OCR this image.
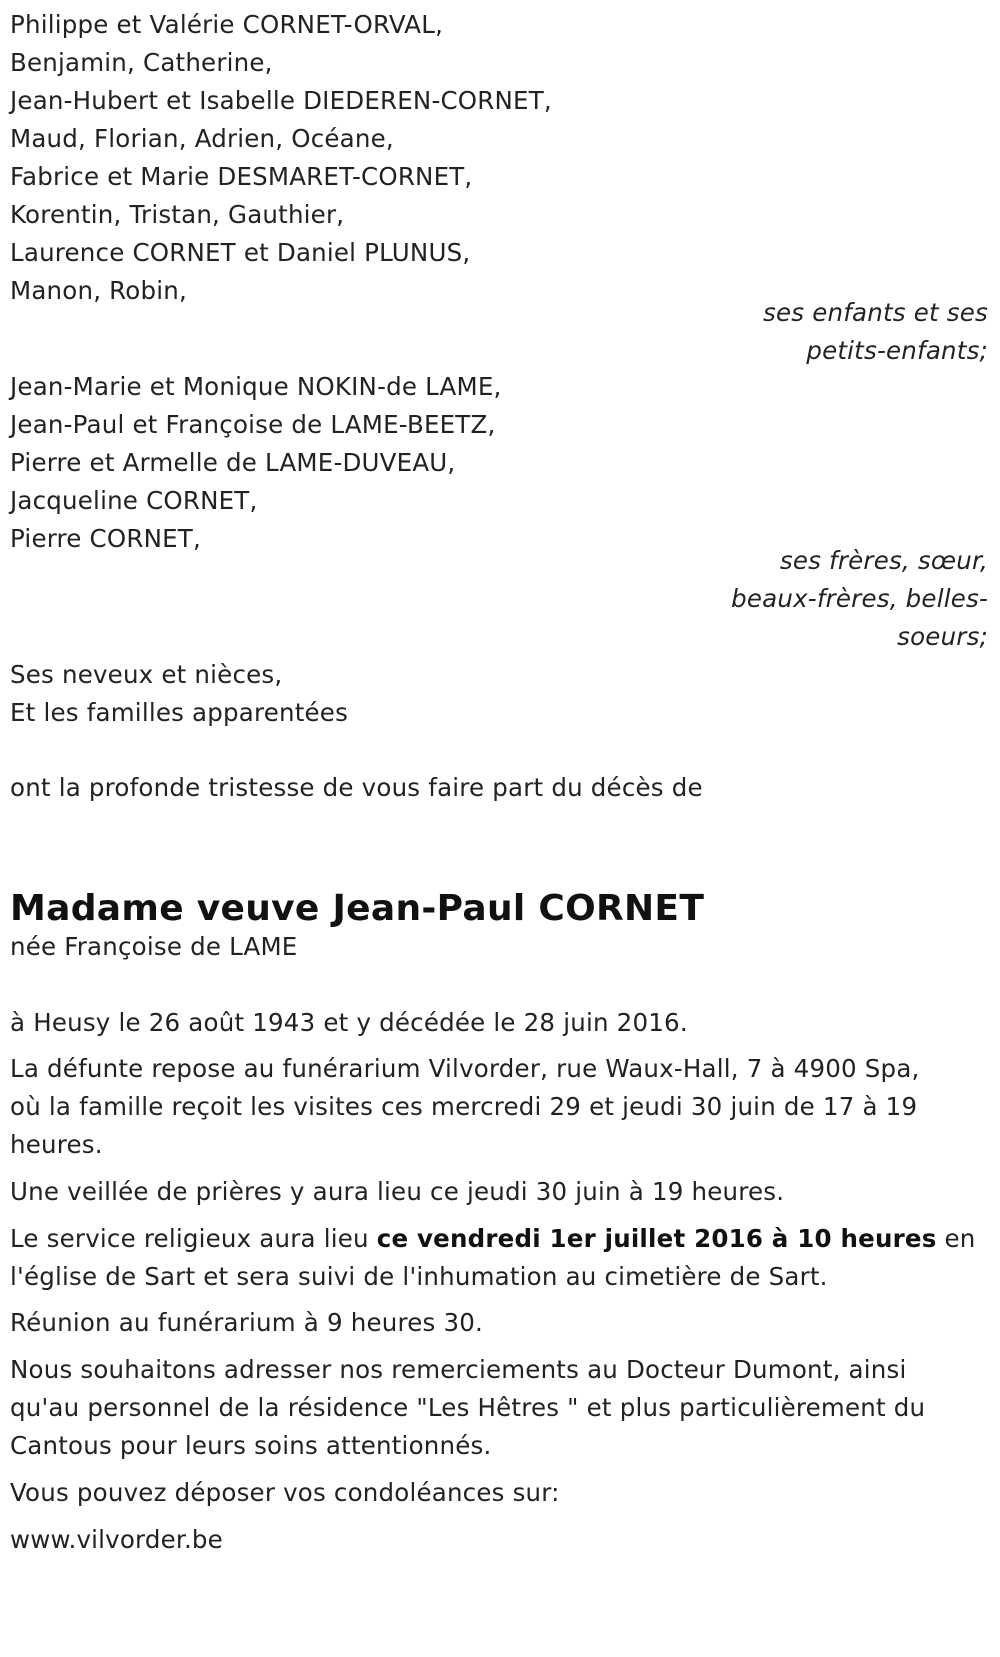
Philippe et Valérie CORNET-ORVAL,
Benjamin, Catherine,
Jean-Hubert et Isabelle DIEDEREN-CORNET,
Maud, Florian, Adrien, Océane,
Fabrice et Marie DESMARET-CORNET,
Korentin, Tristan, Gauthier,
Laurence CORNET et Daniel PLUNUS,
Manon, Robin,
ses enfants et ses
petits-enfants;
Jean-Marie et Monique NOKIN-de LAME,
Jean-Paul et Françoise de LAME-BEETZ,
Pierre et Armelle de LAME-DUVEAU,
Jacqueline CORNET,
Pierre CORNET,
ses frères, sœur,
beaux-frères, belles-
soeurs;
Ses neveux et nièces,
Et les familles apparentées
ont la profonde tristesse de vous faire part du décès de
Madame veuve Jean-Paul CORNET
née Françoise de LAME
à Heusy le 26 août 1943 et y décédée le 28 juin 2016.
La défunte repose au funérarium Vilvorder, rue Waux-Hall, 7 à 4900 Spa,
où la famille reçoit les visites ces mercredi 29 et jeudi 30 juin de 17 à 19
heures.
Une veillée de prières y aura lieu ce jeudi 30 juin à 19 heures.
Le service religieux aura lieu ce vendredi 1er juillet 2016 à 10 heures en
l'église de Sart et sera suivi de l'inhumation au cimetière de Sart.
Réunion au funérarium à 9 heures 30.
Nous souhaitons adresser nos remerciements au Docteur Dumont, ainsi
qu'au personnel de la résidence "Les Hêtres " et plus particulièrement du
Cantous pour leurs soins attentionnés.
Vous pouvez déposer vos condoléances sur:
www.vilvorder.be
